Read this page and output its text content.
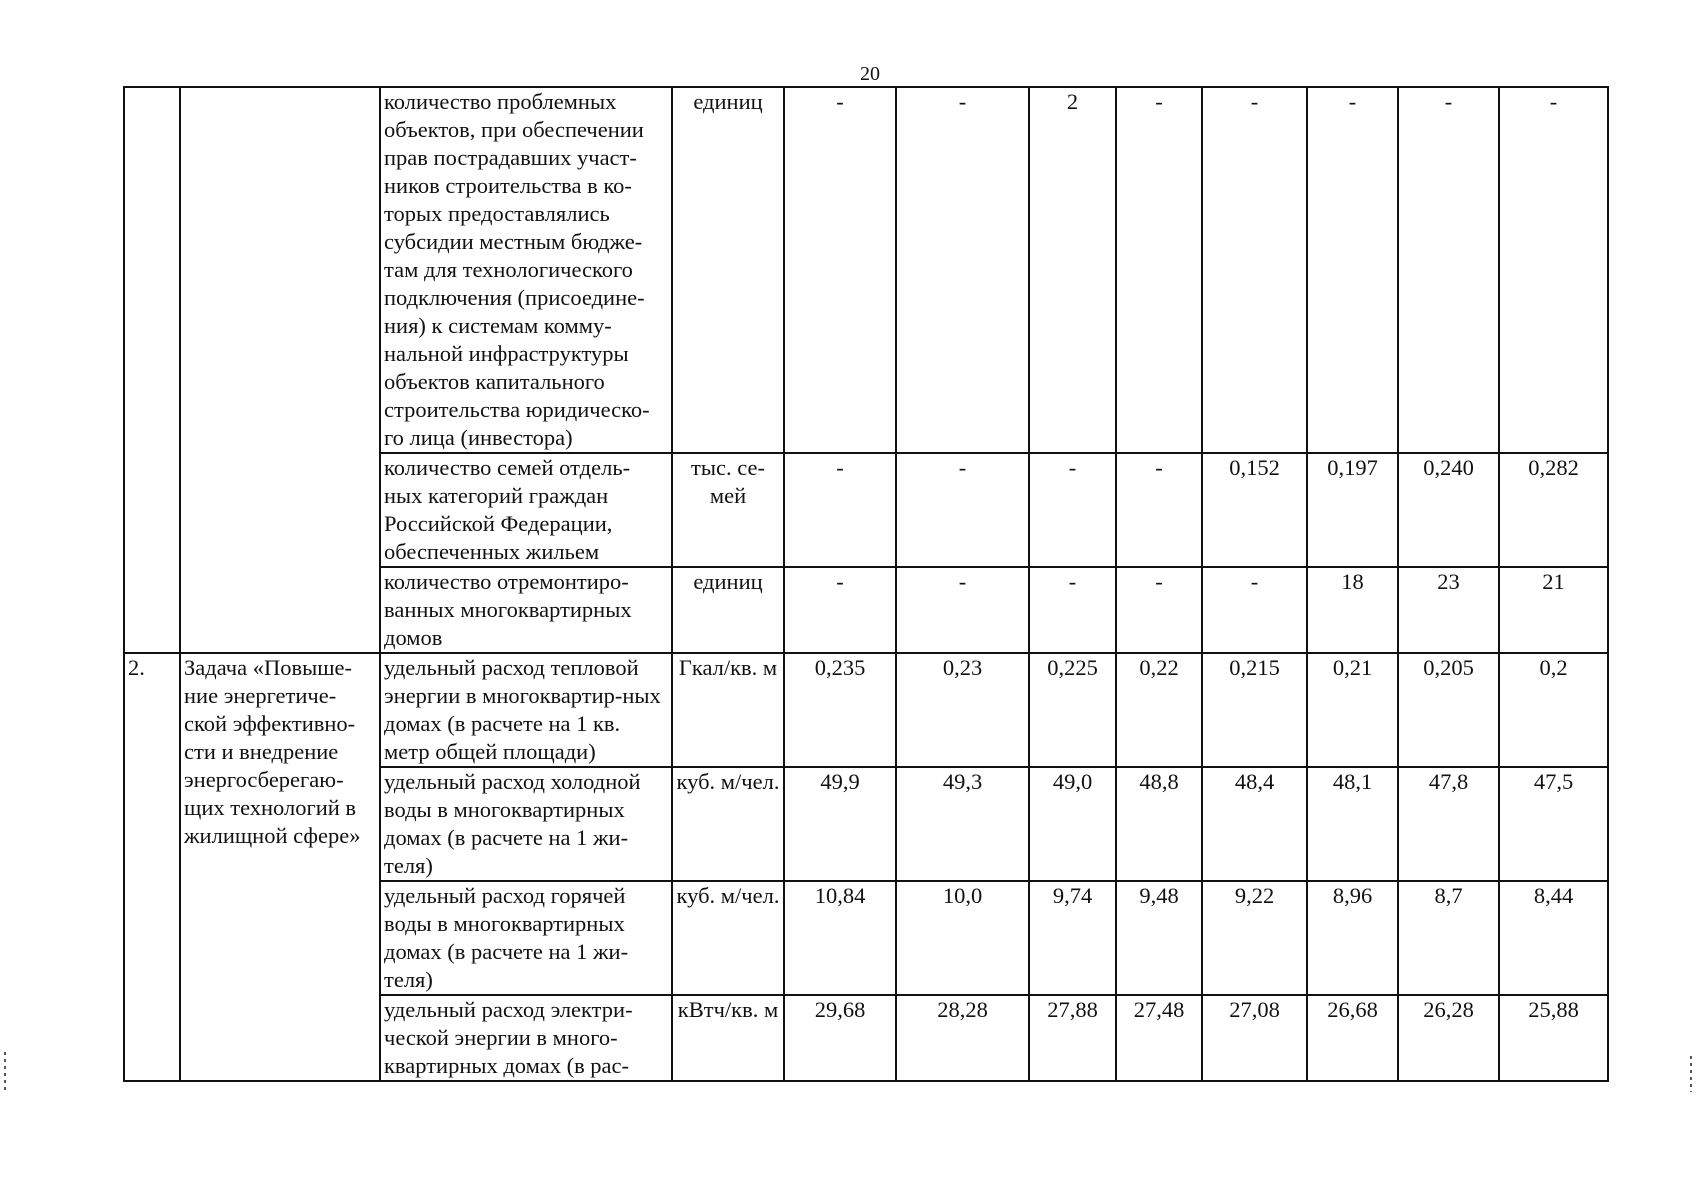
20
		количество проблемных объектов, при обеспечении прав пострадавших участ-ников строительства в ко-торых предоставлялись субсидии местным бюдже-там для технологического подключения (присоедине-ния) к системам комму-нальной инфраструктуры объектов капитального строительства юридическо-го лица (инвестора)	единиц	-	-	2	-	-	-	-	-
		количество семей отдель-ных категорий граждан Российской Федерации, обеспеченных жильем	тыс. се-мей	-	-	-	-	0,152	0,197	0,240	0,282
		количество отремонтиро-ванных многоквартирных домов	единиц	-	-	-	-	-	18	23	21
2.	Задача «Повыше-ние энергетиче-ской эффективно-сти и внедрение энергосберегаю-щих технологий в жилищной сфере»	удельный расход тепловой энергии в многоквартир-ных домах (в расчете на 1 кв. метр общей площади)	Гкал/кв. м	0,235	0,23	0,225	0,22	0,215	0,21	0,205	0,2
		удельный расход холодной воды в многоквартирных домах (в расчете на 1 жи-теля)	куб. м/чел.	49,9	49,3	49,0	48,8	48,4	48,1	47,8	47,5
		удельный расход горячей воды в многоквартирных домах (в расчете на 1 жи-теля)	куб. м/чел.	10,84	10,0	9,74	9,48	9,22	8,96	8,7	8,44
		удельный расход электри-ческой энергии в много-квартирных домах (в рас-	кВтч/кв. м	29,68	28,28	27,88	27,48	27,08	26,68	26,28	25,88
